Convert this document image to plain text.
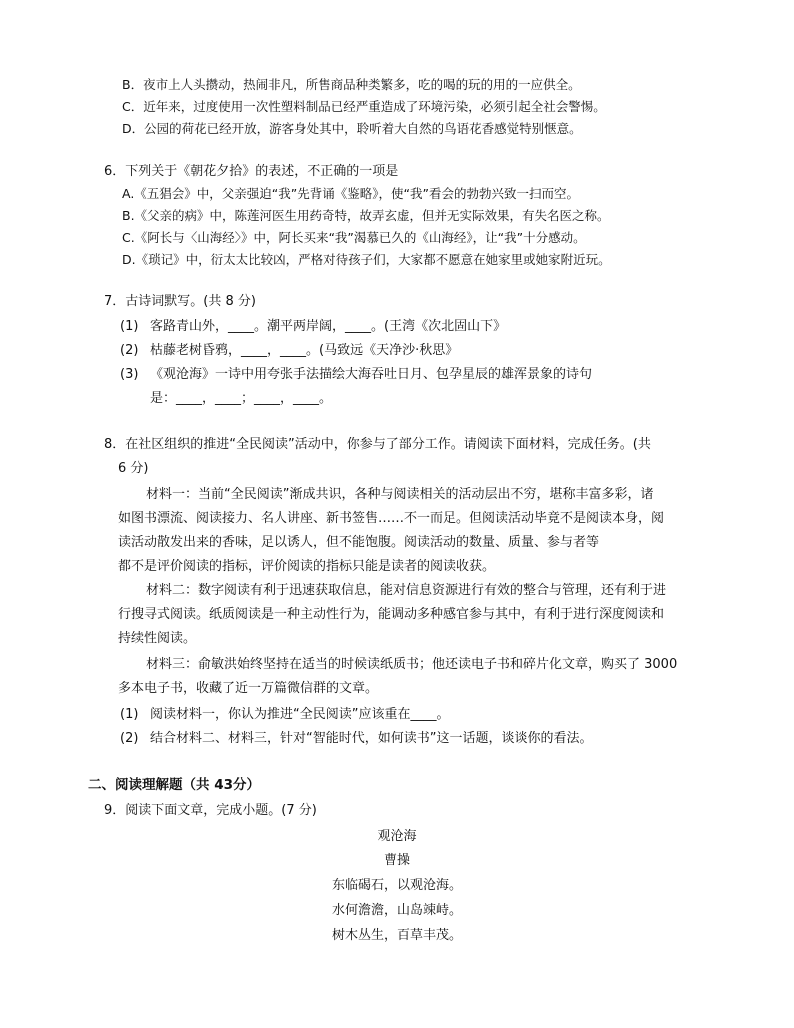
B．夜市上人头攒动，热闹非凡，所售商品种类繁多，吃的喝的玩的用的一应供全。
C．近年来，过度使用一次性塑料制品已经严重造成了环境污染，必须引起全社会警惕。
D．公园的荷花已经开放，游客身处其中，聆听着大自然的鸟语花香感觉特别惬意。
6．下列关于《朝花夕拾》的表述，不正确的一项是
A.《五猖会》中，父亲强迫“我”先背诵《鉴略》，使“我”看会的勃勃兴致一扫而空。
B.《父亲的病》中，陈莲河医生用药奇特，故弄玄虚，但并无实际效果，有失名医之称。
C.《阿长与〈山海经〉》中，阿长买来“我”渴慕已久的《山海经》，让“我”十分感动。
D.《琐记》中，衍太太比较凶，严格对待孩子们，大家都不愿意在她家里或她家附近玩。
7．古诗词默写。(共 8 分)
(1) 客路青山外，____。潮平两岸阔，____。(王湾《次北固山下》
(2) 枯藤老树昏鸦，____，____。(马致远《天净沙·秋思》
(3) 《观沧海》一诗中用夸张手法描绘大海吞吐日月、包孕星辰的雄浑景象的诗句
是：____，____；____，____。
8．在社区组织的推进“全民阅读”活动中，你参与了部分工作。请阅读下面材料，完成任务。(共
6 分)
材料一：当前“全民阅读”渐成共识，各种与阅读相关的活动层出不穷，堪称丰富多彩，诸
如图书漂流、阅读接力、名人讲座、新书签售……不一而足。但阅读活动毕竟不是阅读本身，阅
读活动散发出来的香味，足以诱人，但不能饱腹。阅读活动的数量、质量、参与者等
都不是评价阅读的指标，评价阅读的指标只能是读者的阅读收获。
材料二：数字阅读有利于迅速获取信息，能对信息资源进行有效的整合与管理，还有利于进
行搜寻式阅读。纸质阅读是一种主动性行为，能调动多种感官参与其中，有利于进行深度阅读和
持续性阅读。
材料三：俞敏洪始终坚持在适当的时候读纸质书；他还读电子书和碎片化文章，购买了 3000
多本电子书，收藏了近一万篇微信群的文章。
(1) 阅读材料一，你认为推进“全民阅读”应该重在____。
(2) 结合材料二、材料三，针对“智能时代，如何读书”这一话题，谈谈你的看法。
二、阅读理解题（共 43分）
9．阅读下面文章，完成小题。(7 分)
观沧海
曹操
东临碣石，以观沧海。
水何澹澹，山岛竦峙。
树木丛生，百草丰茂。
